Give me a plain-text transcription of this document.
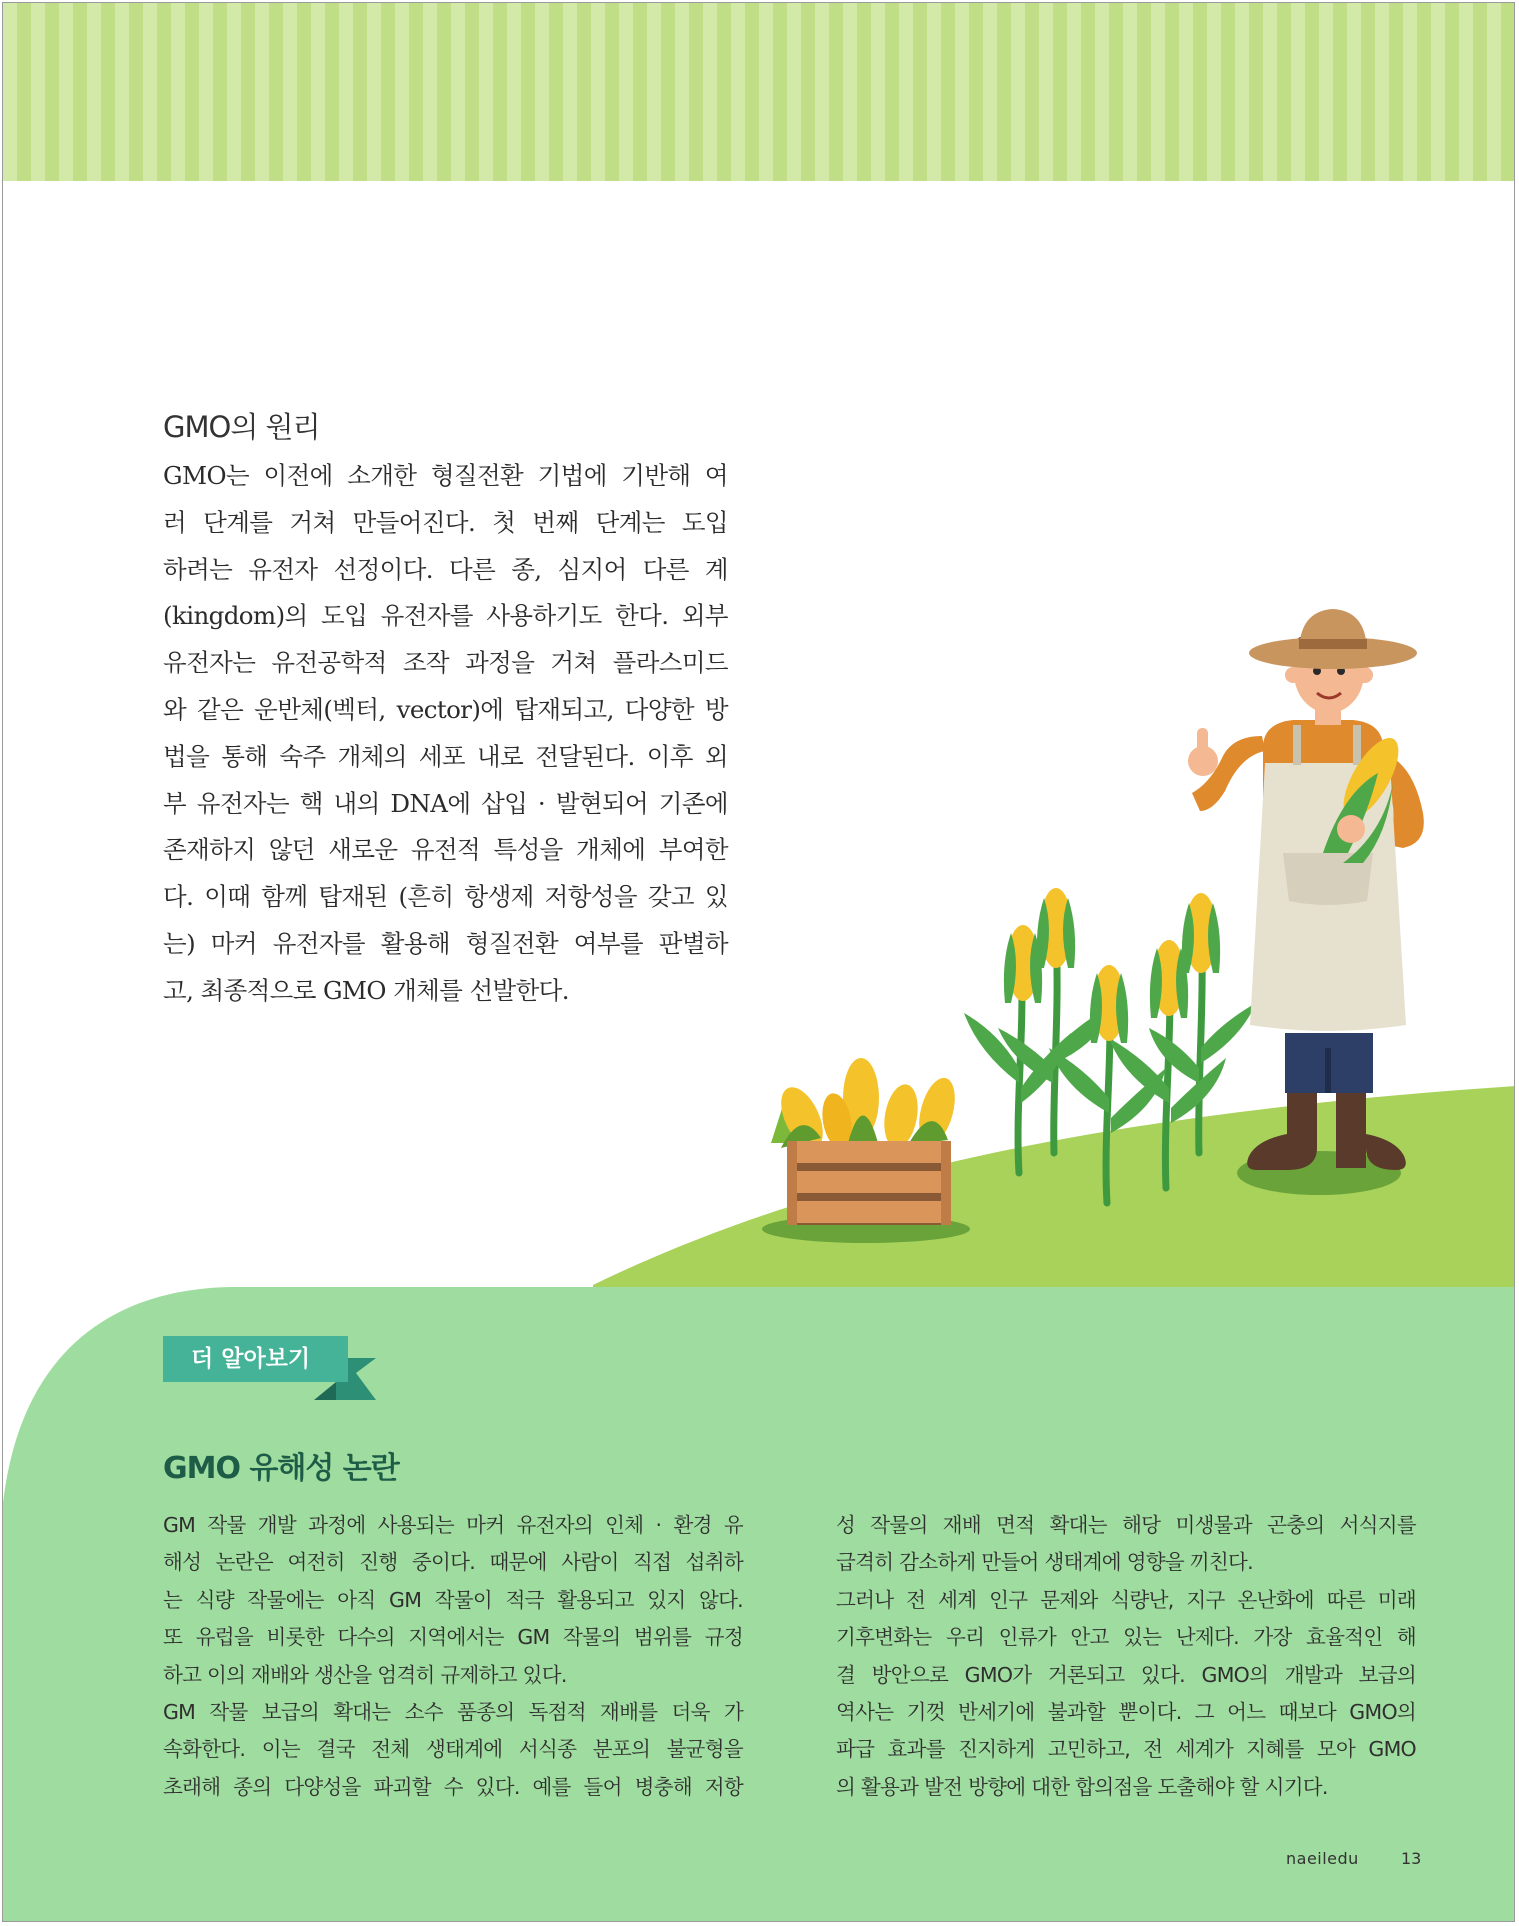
더 알아보기
GMO 유해성 논란
GMO의 원리

GMO는 이전에 소개한 형질전환 기법에 기반해 여
러 단계를 거쳐 만들어진다. 첫 번째 단계는 도입
하려는 유전자 선정이다. 다른 종, 심지어 다른 계
(kingdom)의 도입 유전자를 사용하기도 한다. 외부
유전자는 유전공학적 조작 과정을 거쳐 플라스미드
와 같은 운반체(벡터, vector)에 탑재되고, 다양한 방
법을 통해 숙주 개체의 세포 내로 전달된다. 이후 외
부 유전자는 핵 내의 DNA에 삽입 · 발현되어 기존에
존재하지 않던 새로운 유전적 특성을 개체에 부여한
다. 이때 함께 탑재된 (흔히 항생제 저항성을 갖고 있
는) 마커 유전자를 활용해 형질전환 여부를 판별하
고, 최종적으로 GMO 개체를 선발한다.

GM 작물 개발 과정에 사용되는 마커 유전자의 인체 · 환경 유
해성 논란은 여전히 진행 중이다. 때문에 사람이 직접 섭취하
는 식량 작물에는 아직 GM 작물이 적극 활용되고 있지 않다.
또 유럽을 비롯한 다수의 지역에서는 GM 작물의 범위를 규정
하고 이의 재배와 생산을 엄격히 규제하고 있다.
GM 작물 보급의 확대는 소수 품종의 독점적 재배를 더욱 가
속화한다. 이는 결국 전체 생태계에 서식종 분포의 불균형을
초래해 종의 다양성을 파괴할 수 있다. 예를 들어 병충해 저항

성 작물의 재배 면적 확대는 해당 미생물과 곤충의 서식지를
급격히 감소하게 만들어 생태계에 영향을 끼친다.
그러나 전 세계 인구 문제와 식량난, 지구 온난화에 따른 미래
기후변화는 우리 인류가 안고 있는 난제다. 가장 효율적인 해
결 방안으로 GMO가 거론되고 있다. GMO의 개발과 보급의
역사는 기껏 반세기에 불과할 뿐이다. 그 어느 때보다 GMO의
파급 효과를 진지하게 고민하고, 전 세계가 지혜를 모아 GMO
의 활용과 발전 방향에 대한 합의점을 도출해야 할 시기다.

naeiledu	13
